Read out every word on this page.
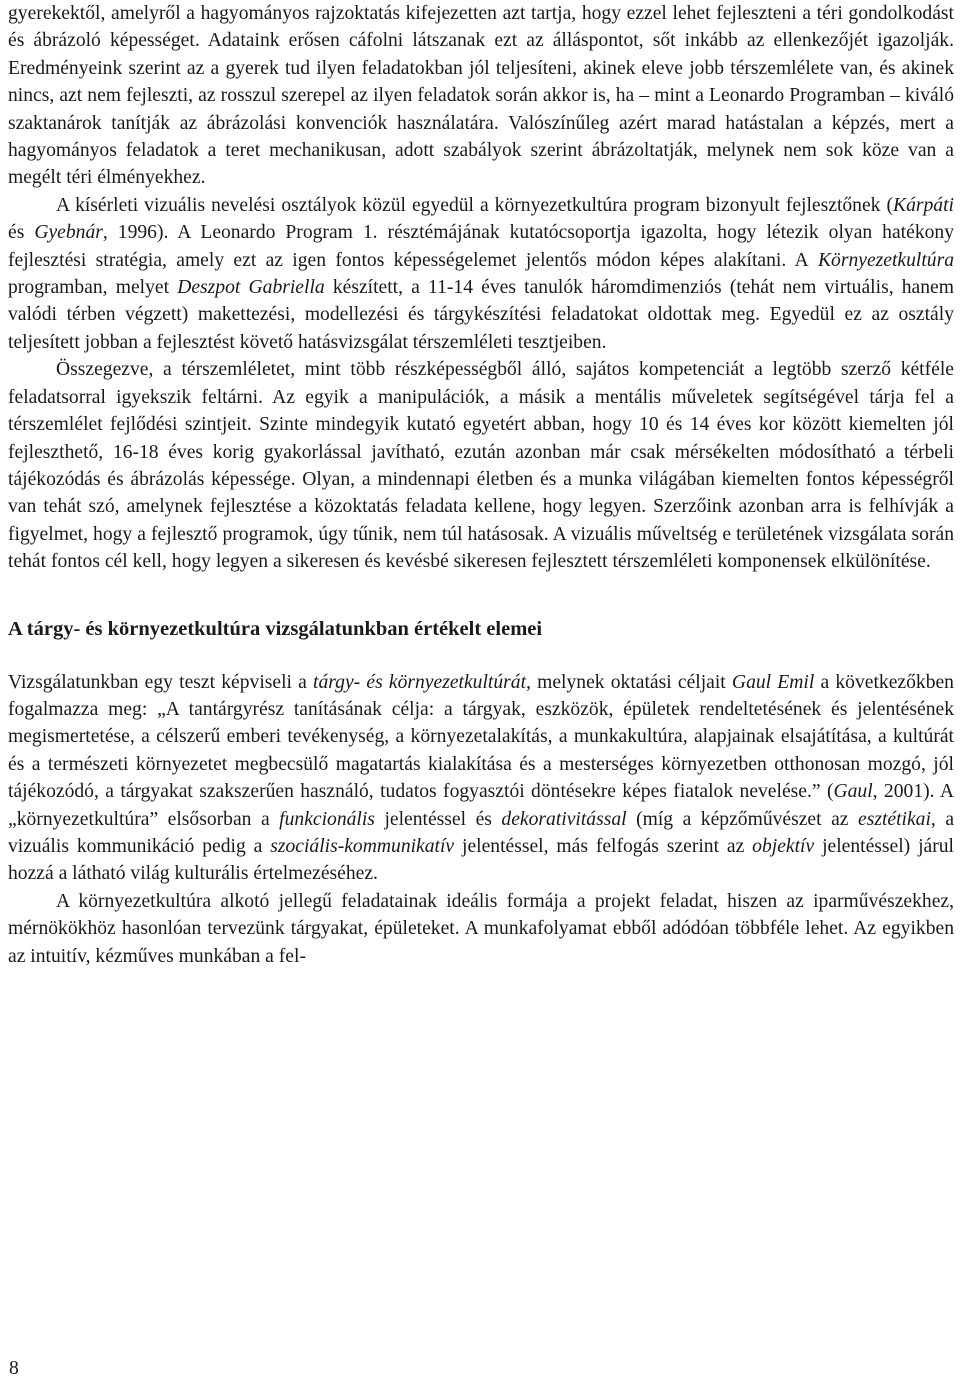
gyerekektől, amelyről a hagyományos rajzoktatás kifejezetten azt tartja, hogy ezzel lehet fejleszteni a téri gondolkodást és ábrázoló képességet. Adataink erősen cáfolni látszanak ezt az álláspontot, sőt inkább az ellenkezőjét igazolják. Eredményeink szerint az a gyerek tud ilyen feladatokban jól teljesíteni, akinek eleve jobb térszemlélete van, és akinek nincs, azt nem fejleszti, az rosszul szerepel az ilyen feladatok során akkor is, ha – mint a Leonardo Programban – kiváló szaktanárok tanítják az ábrázolási konvenciók használatára. Valószínűleg azért marad hatástalan a képzés, mert a hagyományos feladatok a teret mechanikusan, adott szabályok szerint ábrázoltatják, melynek nem sok köze van a megélt téri élményekhez.

A kísérleti vizuális nevelési osztályok közül egyedül a környezetkultúra program bizonyult fejlesztőnek (Kárpátiés Gyebnár, 1996). A Leonardo Program 1. résztémájának kutatócsoportja igazolta, hogy létezik olyan hatékony fejlesztési stratégia, amely ezt az igen fontos képességelemet jelentős módon képes alakítani. A Környezetkultúraprogramban, melyet Deszpot Gabriella készített, a 11-14 éves tanulók háromdimenziós (tehát nem virtuális, hanem valódi térben végzett) makettezési, modellezési és tárgykészítési feladatokat oldottak meg. Egyedül ez az osztály teljesített jobban a fejlesztést követő hatásvizsgálat térszemléleti tesztjeiben.

Összegezve, a térszemléletet, mint több részképességből álló, sajátos kompetenciát a legtöbb szerző kétféle feladatsorral igyekszik feltárni. Az egyik a manipulációk, a másik a mentális műveletek segítségével tárja fel a térszemlélet fejlődési szintjeit. Szinte mindegyik kutató egyetért abban, hogy 10 és 14 éves kor között kiemelten jól fejleszthető, 16-18 éves korig gyakorlással javítható, ezután azonban már csak mérsékelten módosítható a térbeli tájékozódás és ábrázolás képessége. Olyan, a mindennapi életben és a munka világában kiemelten fontos képességről van tehát szó, amelynek fejlesztése a közoktatás feladata kellene, hogy legyen. Szerzőink azonban arra is felhívják a figyelmet, hogy a fejlesztő programok, úgy tűnik, nem túl hatásosak. A vizuális műveltség e területének vizsgálata során tehát fontos cél kell, hogy legyen a sikeresen és kevésbé sikeresen fejlesztett térszemléleti komponensek elkülönítése.

A tárgy- és környezetkultúra vizsgálatunkban értékelt elemei

Vizsgálatunkban egy teszt képviseli a tárgy- és környezetkultúrát, melynek oktatási céljait Gaul Emil a következőkben fogalmazza meg: „A tantárgyrész tanításának célja: a tárgyak, eszközök, épületek rendeltetésének és jelentésének megismertetése, a célszerű emberi tevékenység, a környezetalakítás, a munkakultúra, alapjainak elsajátítása, a kultúrát és a természeti környezetet megbecsülő magatartás kialakítása és a mesterséges környezetben otthonosan mozgó, jól tájékozódó, a tárgyakat szakszerűen használó, tudatos fogyasztói döntésekre képes fiatalok nevelése.” (Gaul, 2001). A „környezetkultúra” elsősorban a funkcionális jelentéssel és dekorativitással (míg a képzőművészet az esztétikai, a vizuális kommunikáció pedig a szociális-kommunikatív jelentéssel, más felfogás szerint az objektív jelentéssel) járul hozzá a látható világ kulturális értelmezéséhez.

A környezetkultúra alkotó jellegű feladatainak ideális formája a projekt feladat, hiszen az iparművészekhez, mérnökökhöz hasonlóan tervezünk tárgyakat, épületeket. A munkafolyamat ebből adódóan többféle lehet. Az egyikben az intuitív, kézműves munkában a fel-

8
